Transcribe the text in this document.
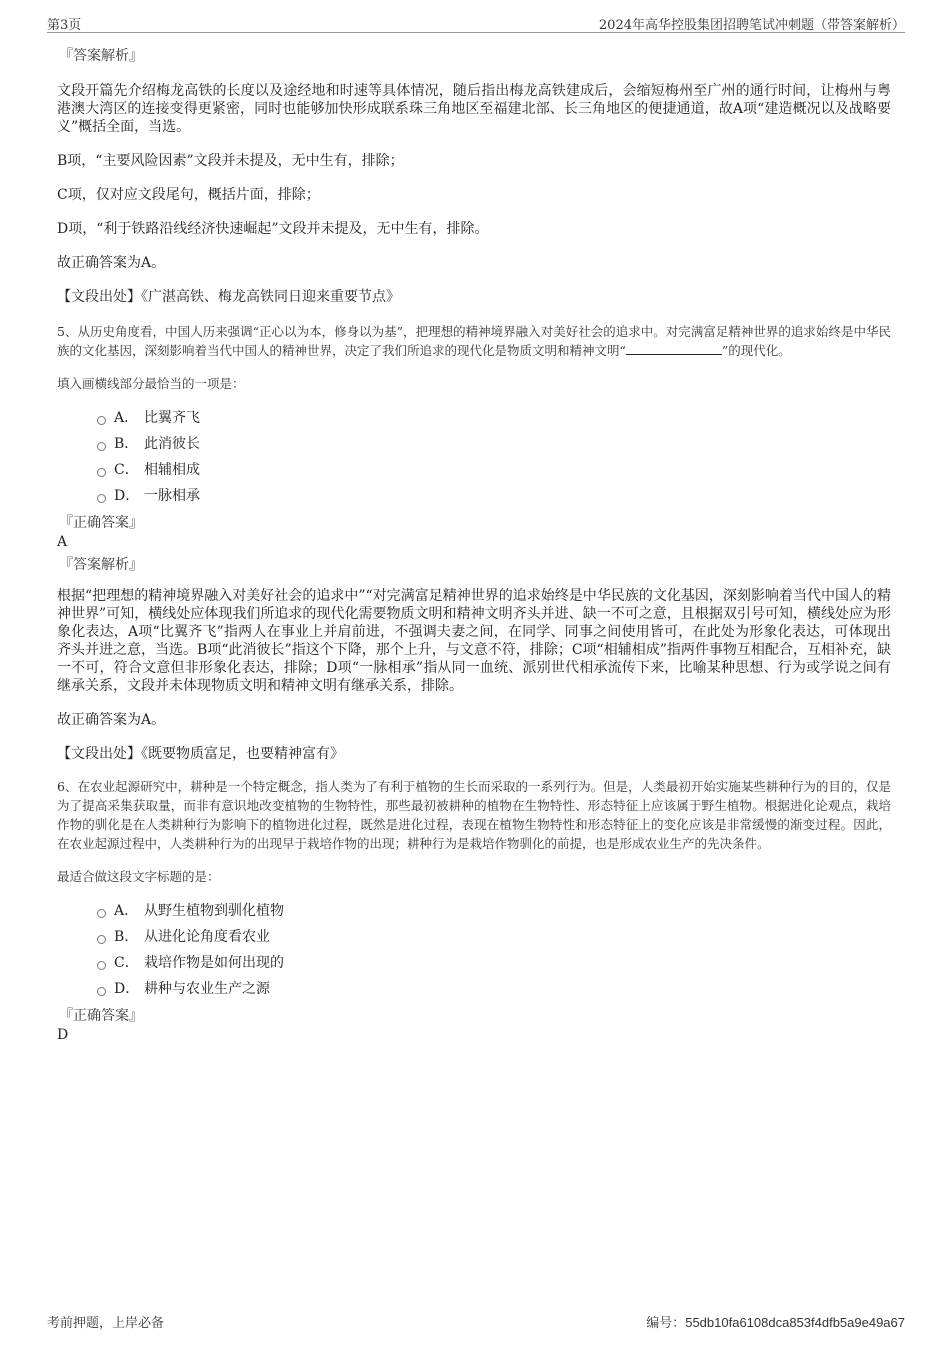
第3页	2024年高华控股集团招聘笔试冲刺题（带答案解析）
『答案解析』

文段开篇先介绍梅龙高铁的长度以及途经地和时速等具体情况，随后指出梅龙高铁建成后，会缩短梅州至广州的通行时间，让梅州与粤港澳大湾区的连接变得更紧密，同时也能够加快形成联系珠三角地区至福建北部、长三角地区的便捷通道，故A项“建造概况以及战略要义”概括全面，当选。

B项，“主要风险因素”文段并未提及，无中生有，排除；

C项，仅对应文段尾句，概括片面，排除；

D项，“利于铁路沿线经济快速崛起”文段并未提及，无中生有，排除。

故正确答案为A。

【文段出处】《广湛高铁、梅龙高铁同日迎来重要节点》

5、从历史角度看，中国人历来强调“正心以为本，修身以为基”，把理想的精神境界融入对美好社会的追求中。对完满富足精神世界的追求始终是中华民族的文化基因，深刻影响着当代中国人的精神世界，决定了我们所追求的现代化是物质文明和精神文明“	”的现代化。

填入画横线部分最恰当的一项是：

A． 比翼齐飞
B． 此消彼长
C． 相辅相成
D． 一脉相承
『正确答案』
A
『答案解析』

根据“把理想的精神境界融入对美好社会的追求中”“对完满富足精神世界的追求始终是中华民族的文化基因，深刻影响着当代中国人的精神世界”可知，横线处应体现我们所追求的现代化需要物质文明和精神文明齐头并进、缺一不可之意，且根据双引号可知，横线处应为形象化表达，A项“比翼齐飞”指两人在事业上并肩前进，不强调夫妻之间，在同学、同事之间使用皆可，在此处为形象化表达，可体现出齐头并进之意，当选。B项“此消彼长”指这个下降，那个上升，与文意不符，排除；C项“相辅相成”指两件事物互相配合，互相补充，缺一不可，符合文意但非形象化表达，排除；D项“一脉相承”指从同一血统、派别世代相承流传下来，比喻某种思想、行为或学说之间有继承关系，文段并未体现物质文明和精神文明有继承关系，排除。

故正确答案为A。

【文段出处】《既要物质富足，也要精神富有》

6、在农业起源研究中，耕种是一个特定概念，指人类为了有利于植物的生长而采取的一系列行为。但是，人类最初开始实施某些耕种行为的目的，仅是为了提高采集获取量，而非有意识地改变植物的生物特性，那些最初被耕种的植物在生物特性、形态特征上应该属于野生植物。根据进化论观点，栽培作物的驯化是在人类耕种行为影响下的植物进化过程，既然是进化过程，表现在植物生物特性和形态特征上的变化应该是非常缓慢的渐变过程。因此，在农业起源过程中，人类耕种行为的出现早于栽培作物的出现；耕种行为是栽培作物驯化的前提，也是形成农业生产的先决条件。

最适合做这段文字标题的是：

A． 从野生植物到驯化植物
B． 从进化论角度看农业
C． 栽培作物是如何出现的
D． 耕种与农业生产之源
『正确答案』
D
考前押题，上岸必备	编号：55db10fa6108dca853f4dfb5a9e49a67
